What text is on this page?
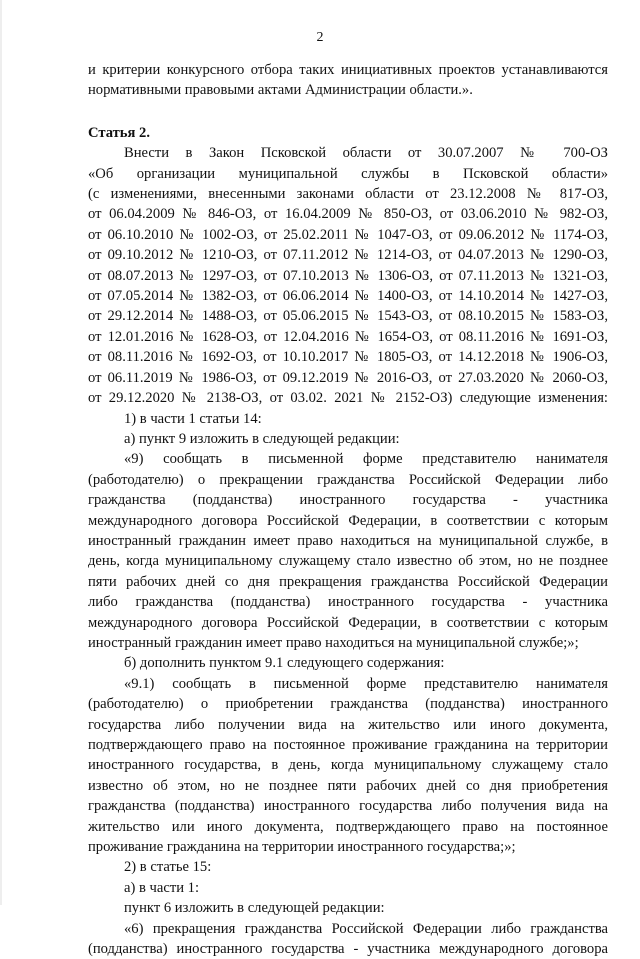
2

и критерии конкурсного отбора таких инициативных проектов устанавливаются

нормативными правовыми актами Администрации области.».

Статья 2.

Внести в Закон Псковской области от 30.07.2007 № 700-ОЗ

«Об организации муниципальной службы в Псковской области»

(с изменениями, внесенными законами области от 23.12.2008 № 817-ОЗ,

от 06.04.2009 № 846-ОЗ, от 16.04.2009 № 850-ОЗ, от 03.06.2010 № 982-ОЗ,

от 06.10.2010 № 1002-ОЗ, от 25.02.2011 № 1047-ОЗ, от 09.06.2012 № 1174-ОЗ,

от 09.10.2012 № 1210-ОЗ, от 07.11.2012 № 1214-ОЗ, от 04.07.2013 № 1290-ОЗ,

от 08.07.2013 № 1297-ОЗ, от 07.10.2013 № 1306-ОЗ, от 07.11.2013 № 1321-ОЗ,

от 07.05.2014 № 1382-ОЗ, от 06.06.2014 № 1400-ОЗ, от 14.10.2014 № 1427-ОЗ,

от 29.12.2014 № 1488-ОЗ, от 05.06.2015 № 1543-ОЗ, от 08.10.2015 № 1583-ОЗ,

от 12.01.2016 № 1628-ОЗ, от 12.04.2016 № 1654-ОЗ, от 08.11.2016 № 1691-ОЗ,

от 08.11.2016 № 1692-ОЗ, от 10.10.2017 № 1805-ОЗ, от 14.12.2018 № 1906-ОЗ,

от 06.11.2019 № 1986-ОЗ, от 09.12.2019 № 2016-ОЗ, от 27.03.2020 № 2060-ОЗ,

от 29.12.2020 № 2138-ОЗ, от 03.02. 2021 № 2152-ОЗ) следующие изменения:

1) в части 1 статьи 14:

а) пункт 9 изложить в следующей редакции:

«9) сообщать в письменной форме представителю нанимателя

(работодателю) о прекращении гражданства Российской Федерации либо

гражданства (подданства) иностранного государства - участника

международного договора Российской Федерации, в соответствии с которым

иностранный гражданин имеет право находиться на муниципальной службе, в

день, когда муниципальному служащему стало известно об этом, но не позднее

пяти рабочих дней со дня прекращения гражданства Российской Федерации

либо гражданства (подданства) иностранного государства - участника

международного договора Российской Федерации, в соответствии с которым

иностранный гражданин имеет право находиться на муниципальной службе;»;

б) дополнить пунктом 9.1 следующего содержания:

«9.1) сообщать в письменной форме представителю нанимателя

(работодателю) о приобретении гражданства (подданства) иностранного

государства либо получении вида на жительство или иного документа,

подтверждающего право на постоянное проживание гражданина на территории

иностранного государства, в день, когда муниципальному служащему стало

известно об этом, но не позднее пяти рабочих дней со дня приобретения

гражданства (подданства) иностранного государства либо получения вида на

жительство или иного документа, подтверждающего право на постоянное

проживание гражданина на территории иностранного государства;»;

2) в статье 15:

а) в части 1:

пункт 6 изложить в следующей редакции:

«6) прекращения гражданства Российской Федерации либо гражданства

(подданства) иностранного государства - участника международного договора
